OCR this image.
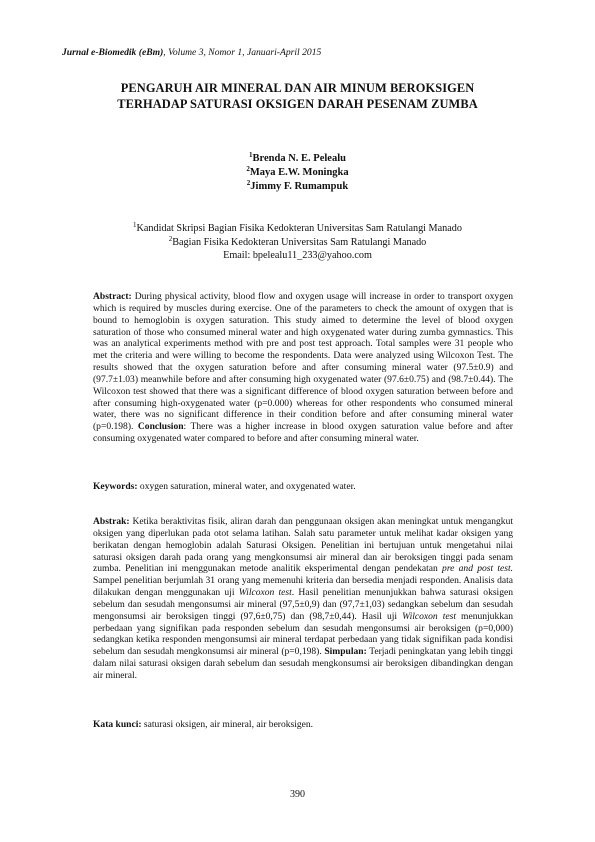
Jurnal e-Biomedik (eBm), Volume 3, Nomor 1, Januari-April 2015
PENGARUH AIR MINERAL DAN AIR MINUM BEROKSIGEN
TERHADAP SATURASI OKSIGEN DARAH PESENAM ZUMBA
$^1$Brenda N. E. Pelealu
$^2$Maya E.W. Moningka
$^2$Jimmy F. Rumampuk
$^1$Kandidat Skripsi Bagian Fisika Kedokteran Universitas Sam Ratulangi Manado
$^2$Bagian Fisika Kedokteran Universitas Sam Ratulangi Manado
Email: bpelealu11_233@yahoo.com
Abstract: During physical activity, blood flow and oxygen usage will increase in order to transport oxygen which is required by muscles during exercise. One of the parameters to check the amount of oxygen that is bound to hemoglobin is oxygen saturation. This study aimed to determine the level of blood oxygen saturation of those who consumed mineral water and high oxygenated water during zumba gymnastics. This was an analytical experiments method with pre and post test approach. Total samples were 31 people who met the criteria and were willing to become the respondents. Data were analyzed using Wilcoxon Test. The results showed that the oxygen saturation before and after consuming mineral water (97.5±0.9) and (97.7±1.03) meanwhile before and after consuming high oxygenated water (97.6±0.75) and (98.7±0.44). The Wilcoxon test showed that there was a significant difference of blood oxygen saturation between before and after consuming high-oxygenated water (p=0.000) whereas for other respondents who consumed mineral water, there was no significant difference in their condition before and after consuming mineral water (p=0.198). Conclusion: There was a higher increase in blood oxygen saturation value before and after consuming oxygenated water compared to before and after consuming mineral water.
Keywords: oxygen saturation, mineral water, and oxygenated water.
Abstrak: Ketika beraktivitas fisik, aliran darah dan penggunaan oksigen akan meningkat untuk mengangkut oksigen yang diperlukan pada otot selama latihan. Salah satu parameter untuk melihat kadar oksigen yang berikatan dengan hemoglobin adalah Saturasi Oksigen. Penelitian ini bertujuan untuk mengetahui nilai saturasi oksigen darah pada orang yang mengkonsumsi air mineral dan air beroksigen tinggi pada senam zumba. Penelitian ini menggunakan metode analitik eksperimental dengan pendekatan pre and post test. Sampel penelitian berjumlah 31 orang yang memenuhi kriteria dan bersedia menjadi responden. Analisis data dilakukan dengan menggunakan uji Wilcoxon test. Hasil penelitian menunjukkan bahwa saturasi oksigen sebelum dan sesudah mengonsumsi air mineral (97,5±0,9) dan (97,7±1,03) sedangkan sebelum dan sesudah mengonsumsi air beroksigen tinggi (97,6±0,75) dan (98,7±0,44). Hasil uji Wilcoxon test menunjukkan perbedaan yang signifikan pada responden sebelum dan sesudah mengonsumsi air beroksigen (p=0,000) sedangkan ketika responden mengonsumsi air mineral terdapat perbedaan yang tidak signifikan pada kondisi sebelum dan sesudah mengkonsumsi air mineral (p=0,198). Simpulan: Terjadi peningkatan yang lebih tinggi dalam nilai saturasi oksigen darah sebelum dan sesudah mengkonsumsi air beroksigen dibandingkan dengan air mineral.
Kata kunci: saturasi oksigen, air mineral, air beroksigen.
390
